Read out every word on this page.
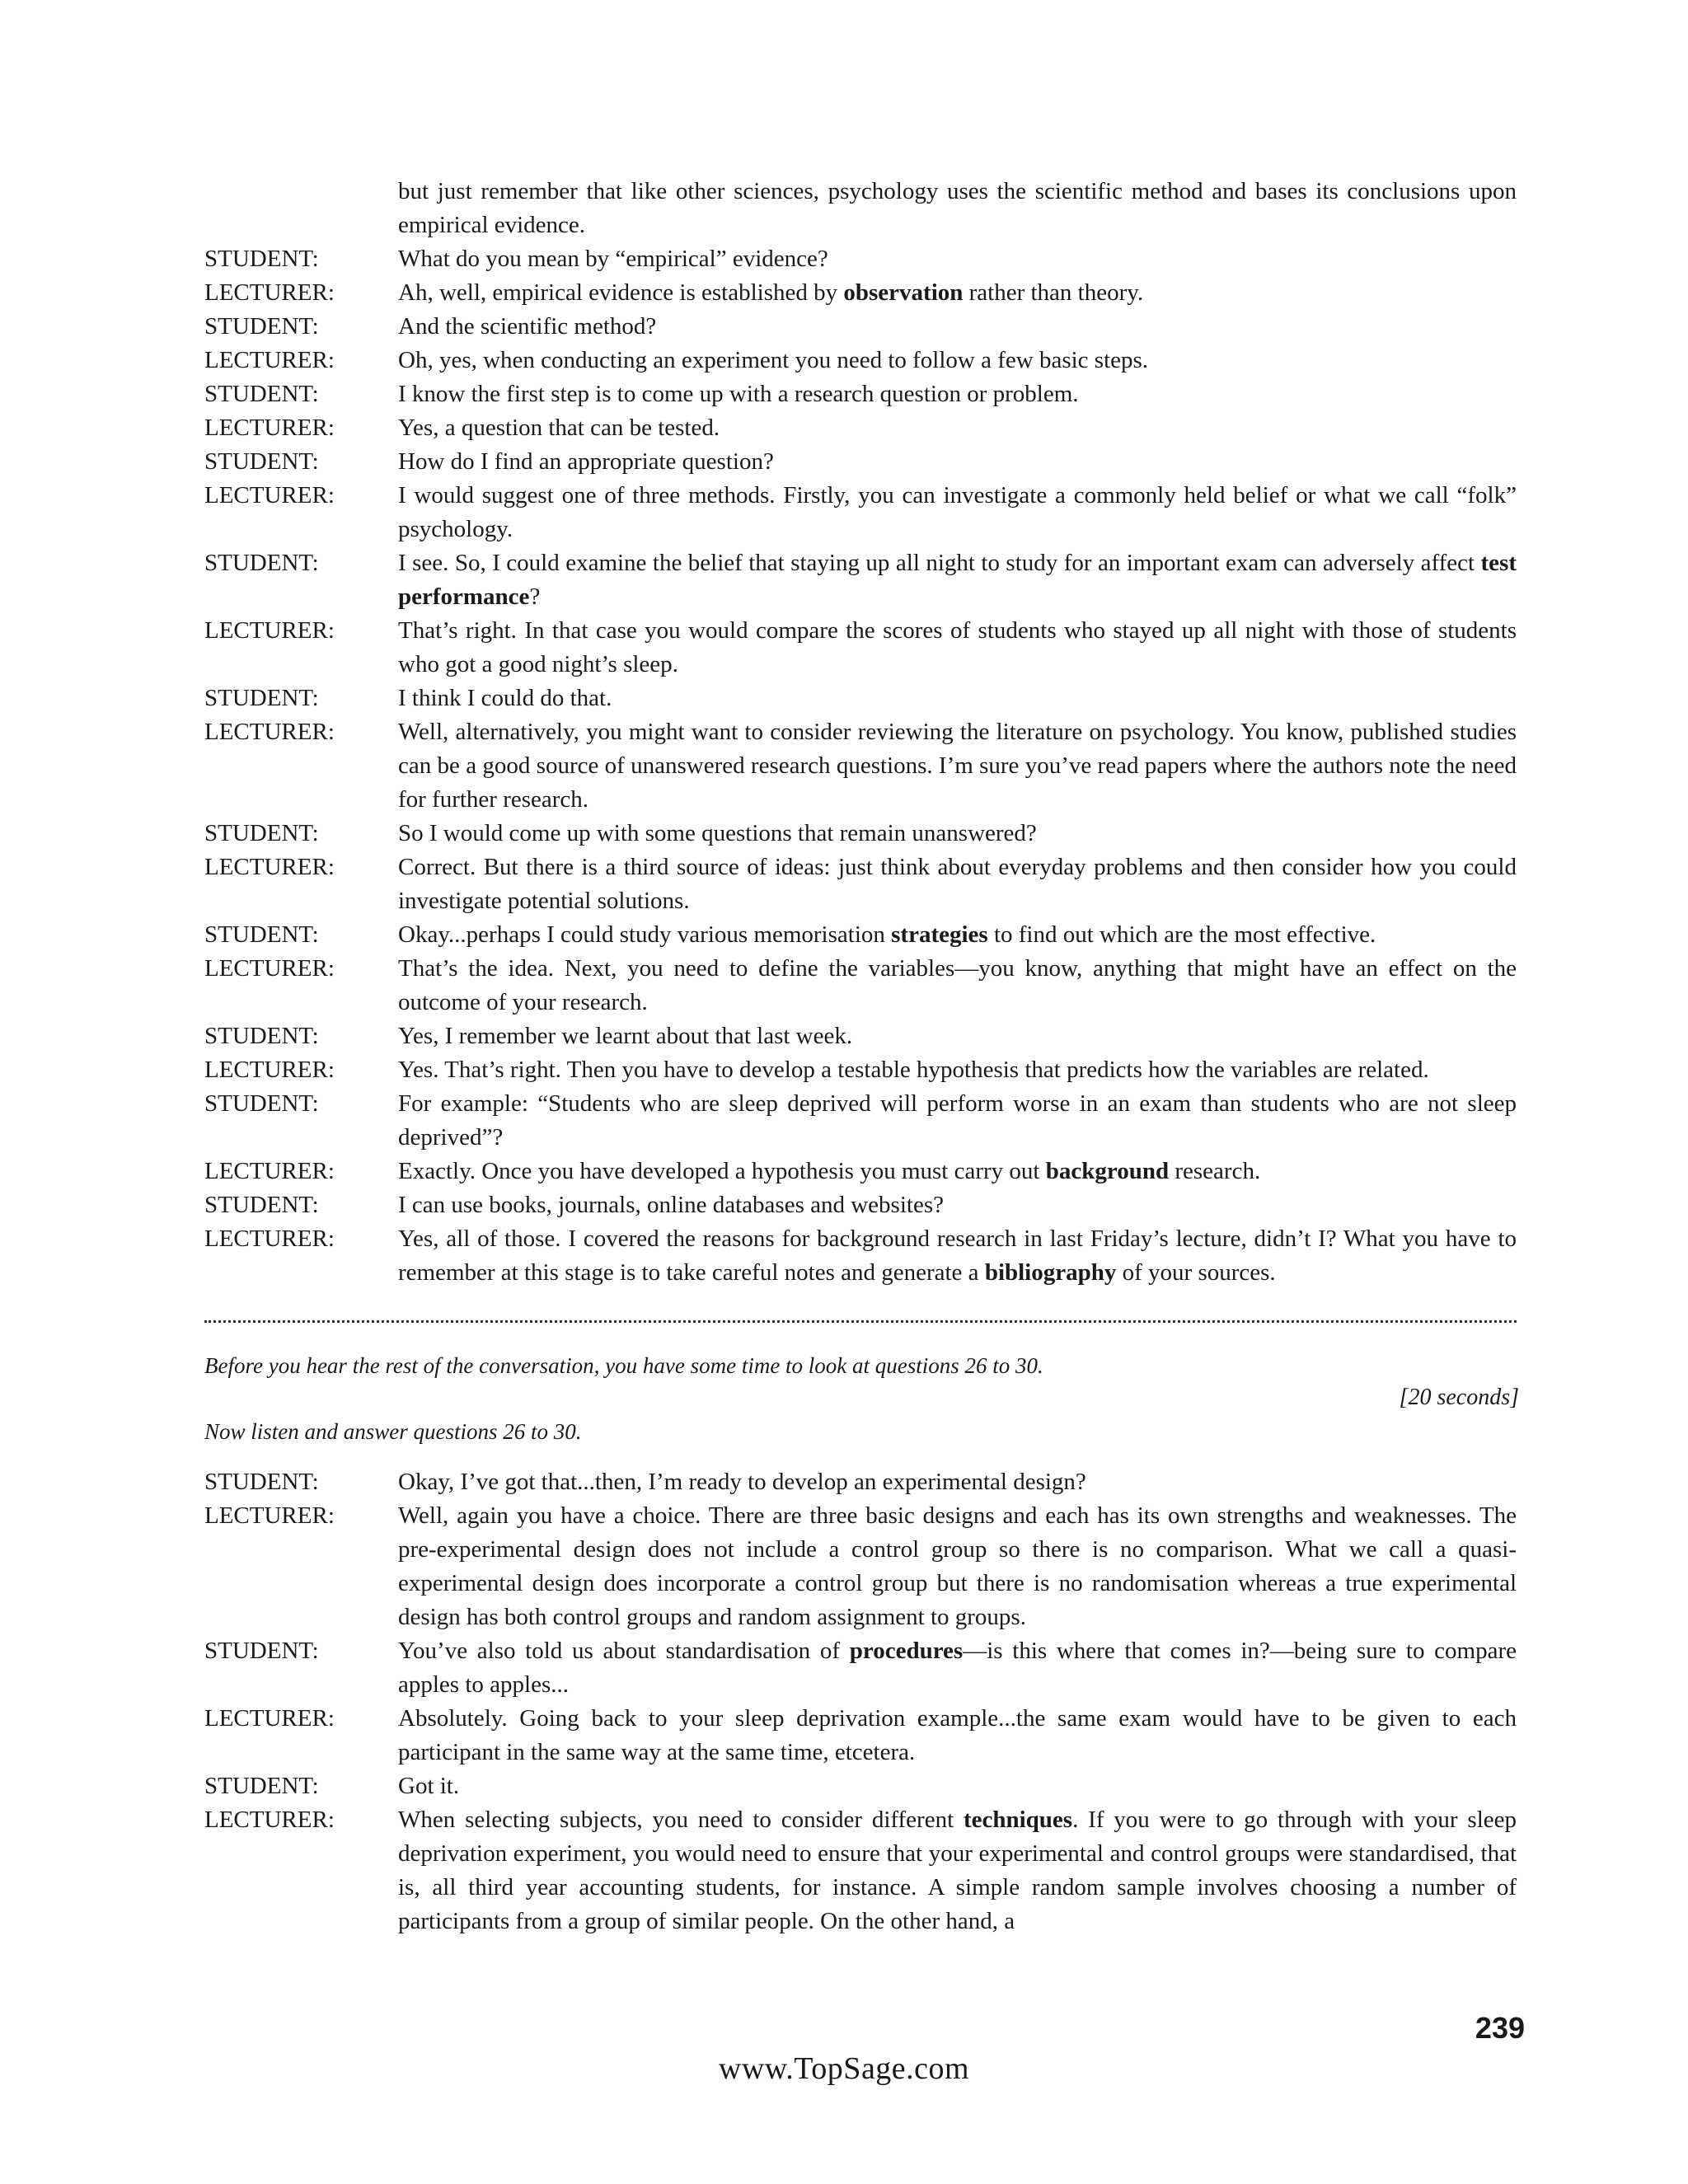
but just remember that like other sciences, psychology uses the scientific method and bases its conclusions upon empirical evidence.
STUDENT:	What do you mean by “empirical” evidence?
LECTURER:	Ah, well, empirical evidence is established by observation rather than theory.
STUDENT:	And the scientific method?
LECTURER:	Oh, yes, when conducting an experiment you need to follow a few basic steps.
STUDENT:	I know the first step is to come up with a research question or problem.
LECTURER:	Yes, a question that can be tested.
STUDENT:	How do I find an appropriate question?
LECTURER:	I would suggest one of three methods. Firstly, you can investigate a commonly held belief or what we call “folk” psychology.
STUDENT:	I see. So, I could examine the belief that staying up all night to study for an important exam can adversely affect test performance?
LECTURER:	That’s right. In that case you would compare the scores of students who stayed up all night with those of students who got a good night’s sleep.
STUDENT:	I think I could do that.
LECTURER:	Well, alternatively, you might want to consider reviewing the literature on psychology. You know, published studies can be a good source of unanswered research questions. I’m sure you’ve read papers where the authors note the need for further research.
STUDENT:	So I would come up with some questions that remain unanswered?
LECTURER:	Correct. But there is a third source of ideas: just think about everyday problems and then consider how you could investigate potential solutions.
STUDENT:	Okay...perhaps I could study various memorisation strategies to find out which are the most effective.
LECTURER:	That’s the idea. Next, you need to define the variables—you know, anything that might have an effect on the outcome of your research.
STUDENT:	Yes, I remember we learnt about that last week.
LECTURER:	Yes. That’s right. Then you have to develop a testable hypothesis that predicts how the variables are related.
STUDENT:	For example: “Students who are sleep deprived will perform worse in an exam than students who are not sleep deprived”?
LECTURER:	Exactly. Once you have developed a hypothesis you must carry out background research.
STUDENT:	I can use books, journals, online databases and websites?
LECTURER:	Yes, all of those. I covered the reasons for background research in last Friday’s lecture, didn’t I? What you have to remember at this stage is to take careful notes and generate a bibliography of your sources.
Before you hear the rest of the conversation, you have some time to look at questions 26 to 30.
[20 seconds]
Now listen and answer questions 26 to 30.
STUDENT:	Okay, I’ve got that...then, I’m ready to develop an experimental design?
LECTURER:	Well, again you have a choice. There are three basic designs and each has its own strengths and weaknesses. The pre-experimental design does not include a control group so there is no comparison. What we call a quasi-experimental design does incorporate a control group but there is no randomisation whereas a true experimental design has both control groups and random assignment to groups.
STUDENT:	You’ve also told us about standardisation of procedures—is this where that comes in?—being sure to compare apples to apples...
LECTURER:	Absolutely. Going back to your sleep deprivation example...the same exam would have to be given to each participant in the same way at the same time, etcetera.
STUDENT:	Got it.
LECTURER:	When selecting subjects, you need to consider different techniques. If you were to go through with your sleep deprivation experiment, you would need to ensure that your experimental and control groups were standardised, that is, all third year accounting students, for instance. A simple random sample involves choosing a number of participants from a group of similar people. On the other hand, a
239
www.TopSage.com
